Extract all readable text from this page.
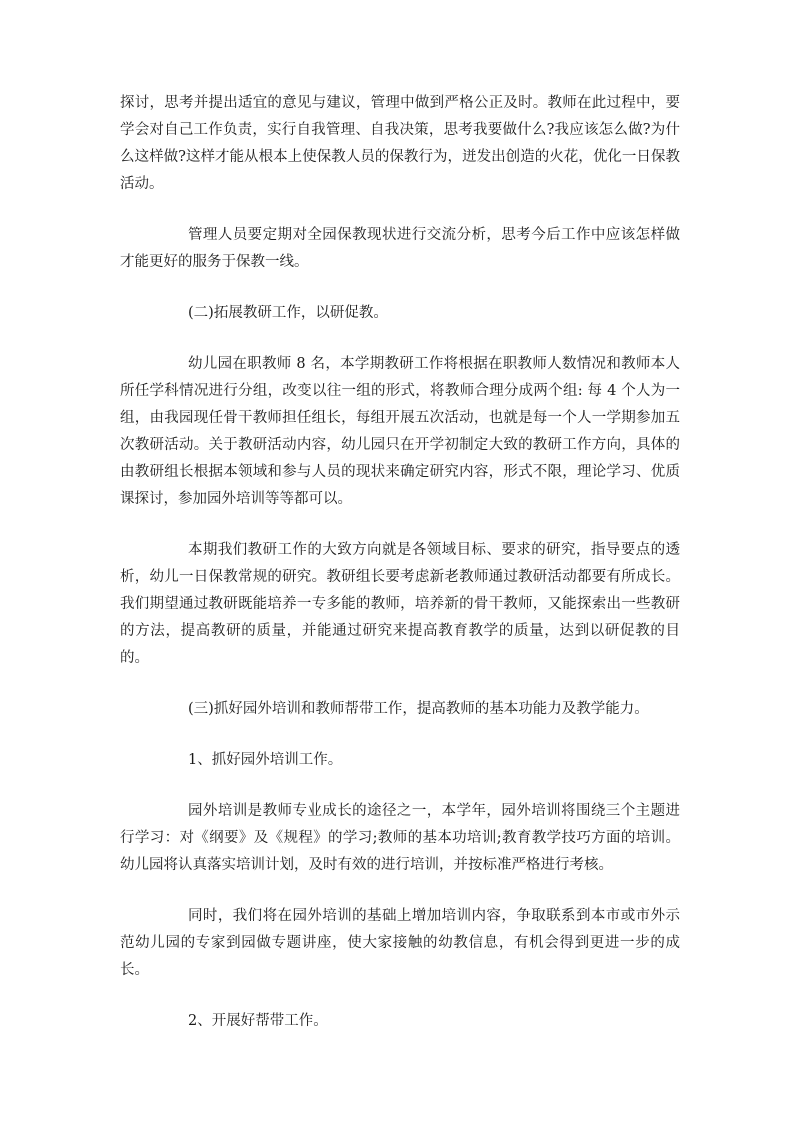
探讨，思考并提出适宜的意见与建议，管理中做到严格公正及时。教师在此过程中，要学会对自己工作负责，实行自我管理、自我决策，思考我要做什么?我应该怎么做?为什么这样做?这样才能从根本上使保教人员的保教行为，迸发出创造的火花，优化一日保教活动。

管理人员要定期对全园保教现状进行交流分析，思考今后工作中应该怎样做才能更好的服务于保教一线。

(二)拓展教研工作，以研促教。

幼儿园在职教师 8 名，本学期教研工作将根据在职教师人数情况和教师本人所任学科情况进行分组，改变以往一组的形式，将教师合理分成两个组: 每 4 个人为一组，由我园现任骨干教师担任组长，每组开展五次活动，也就是每一个人一学期参加五次教研活动。关于教研活动内容，幼儿园只在开学初制定大致的教研工作方向，具体的由教研组长根据本领域和参与人员的现状来确定研究内容，形式不限，理论学习、优质课探讨，参加园外培训等等都可以。

本期我们教研工作的大致方向就是各领域目标、要求的研究，指导要点的透析，幼儿一日保教常规的研究。教研组长要考虑新老教师通过教研活动都要有所成长。我们期望通过教研既能培养一专多能的教师，培养新的骨干教师，又能探索出一些教研的方法，提高教研的质量，并能通过研究来提高教育教学的质量，达到以研促教的目的。

(三)抓好园外培训和教师帮带工作，提高教师的基本功能力及教学能力。

1、抓好园外培训工作。

园外培训是教师专业成长的途径之一，本学年，园外培训将围绕三个主题进行学习：对《纲要》及《规程》的学习;教师的基本功培训;教育教学技巧方面的培训。幼儿园将认真落实培训计划，及时有效的进行培训，并按标准严格进行考核。

同时，我们将在园外培训的基础上增加培训内容，争取联系到本市或市外示范幼儿园的专家到园做专题讲座，使大家接触的幼教信息，有机会得到更进一步的成长。

2、开展好帮带工作。
